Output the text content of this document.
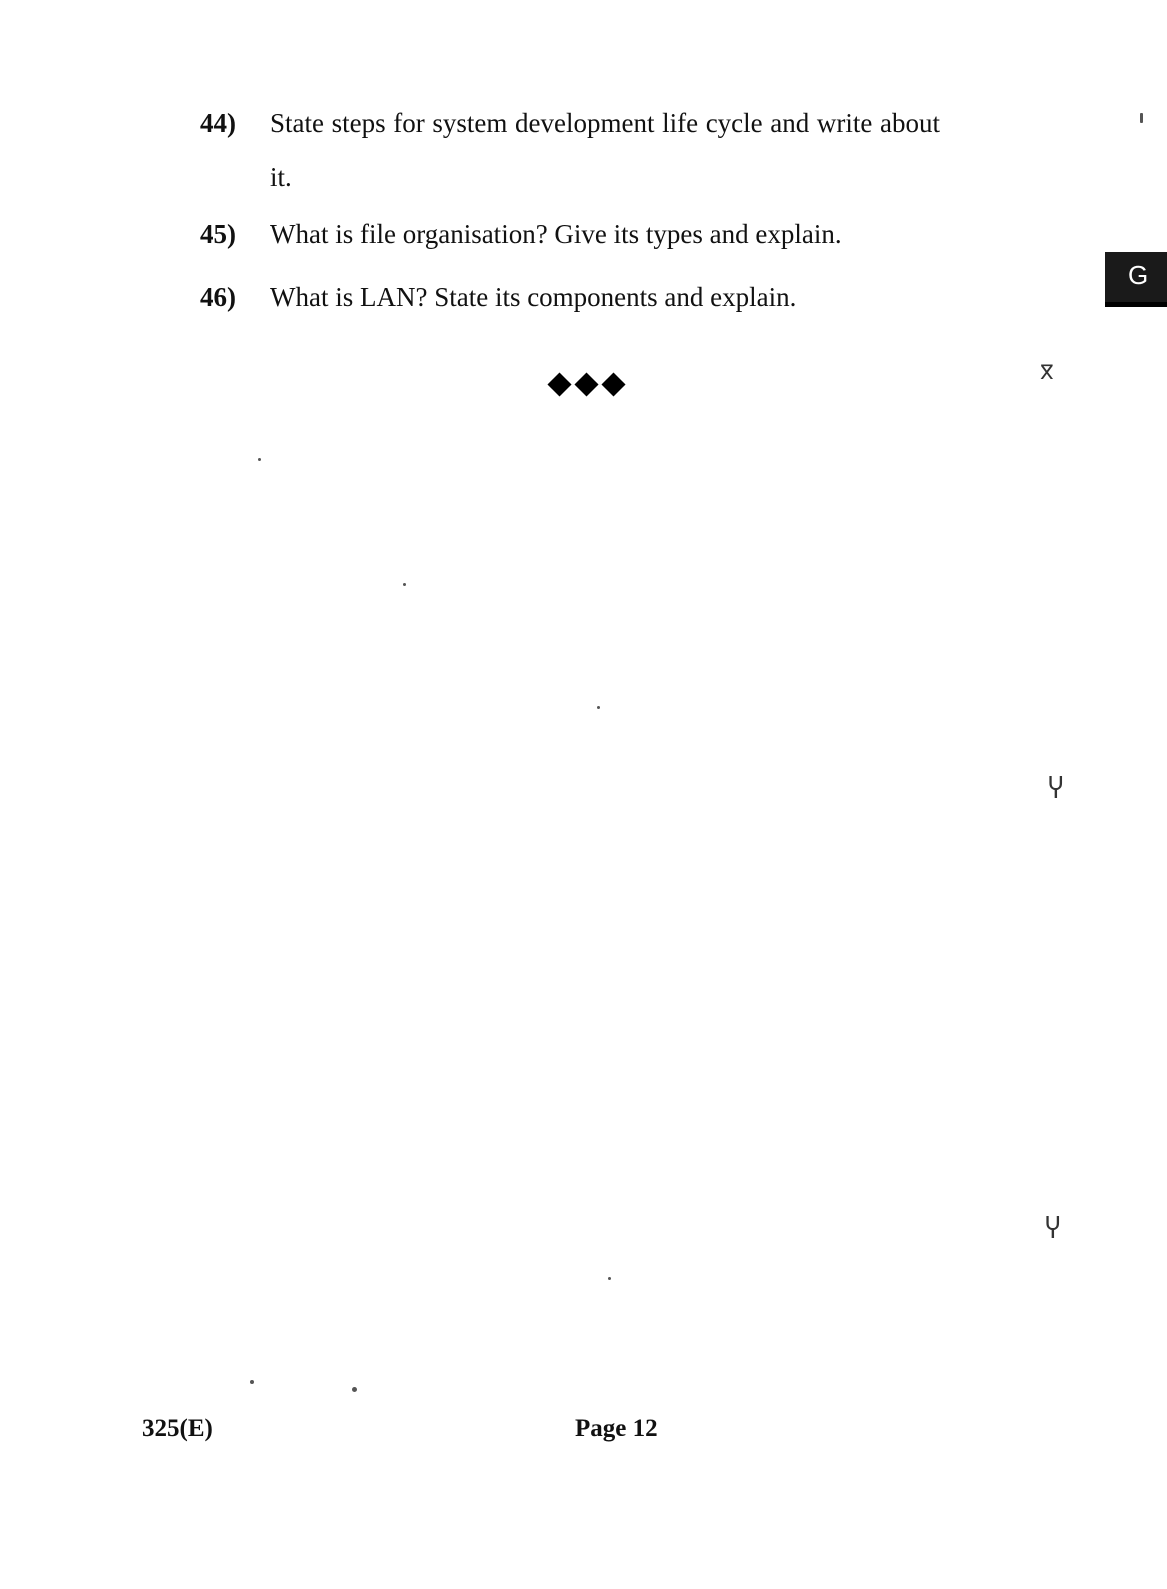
44)	State steps for system development life cycle and write about it.
45)	What is file organisation? Give its types and explain.
46)	What is LAN? State its components and explain.
G
ⴳ
Ⴤ
Ⴤ
325(E)	Page 12
